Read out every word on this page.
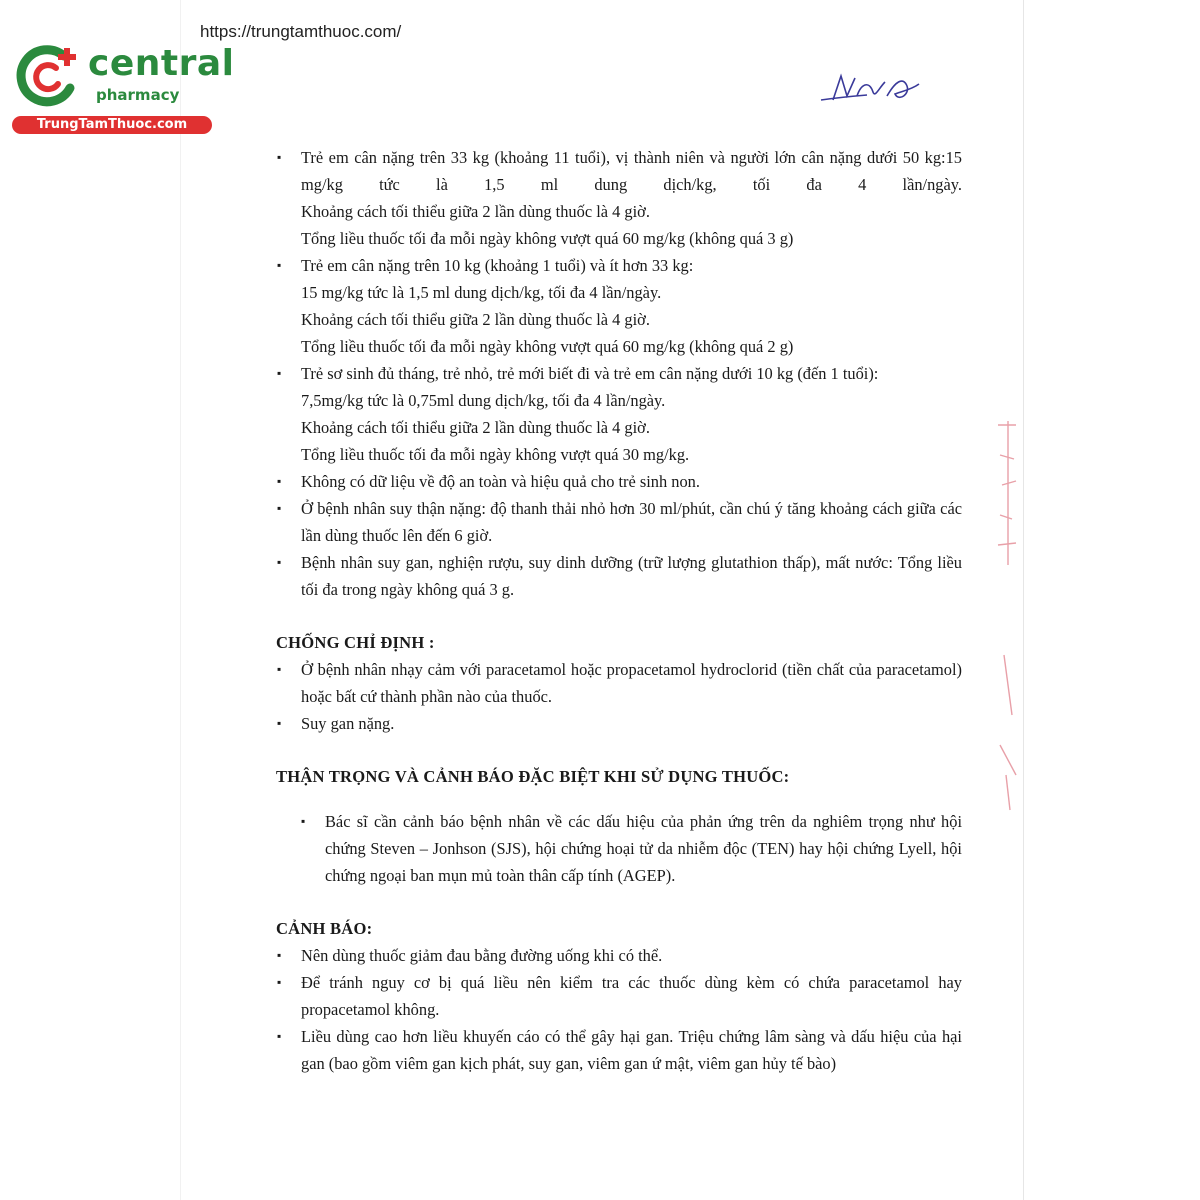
https://trungtamthuoc.com/
central
pharmacy
TrungTamThuoc.com
▪ Trẻ em cân nặng trên 33 kg (khoảng 11 tuổi), vị thành niên và người lớn cân nặng dưới 50 kg:15 mg/kg tức là 1,5 ml dung dịch/kg, tối đa 4 lần/ngày.
Khoảng cách tối thiểu giữa 2 lần dùng thuốc là 4 giờ.
Tổng liều thuốc tối đa mỗi ngày không vượt quá 60 mg/kg (không quá 3 g)
▪ Trẻ em cân nặng trên 10 kg (khoảng 1 tuổi) và ít hơn 33 kg:
15 mg/kg tức là 1,5 ml dung dịch/kg, tối đa 4 lần/ngày.
Khoảng cách tối thiểu giữa 2 lần dùng thuốc là 4 giờ.
Tổng liều thuốc tối đa mỗi ngày không vượt quá 60 mg/kg (không quá 2 g)
▪ Trẻ sơ sinh đủ tháng, trẻ nhỏ, trẻ mới biết đi và trẻ em cân nặng dưới 10 kg (đến 1 tuổi):
7,5mg/kg tức là 0,75ml dung dịch/kg, tối đa 4 lần/ngày.
Khoảng cách tối thiểu giữa 2 lần dùng thuốc là 4 giờ.
Tổng liều thuốc tối đa mỗi ngày không vượt quá 30 mg/kg.
▪ Không có dữ liệu về độ an toàn và hiệu quả cho trẻ sinh non.
▪ Ở bệnh nhân suy thận nặng: độ thanh thải nhỏ hơn 30 ml/phút, cần chú ý tăng khoảng cách giữa các lần dùng thuốc lên đến 6 giờ.
▪ Bệnh nhân suy gan, nghiện rượu, suy dinh dưỡng (trữ lượng glutathion thấp), mất nước: Tổng liều tối đa trong ngày không quá 3 g.

CHỐNG CHỈ ĐỊNH :

▪ Ở bệnh nhân nhạy cảm với paracetamol hoặc propacetamol hydroclorid (tiền chất của paracetamol) hoặc bất cứ thành phần nào của thuốc.
▪ Suy gan nặng.

THẬN TRỌNG VÀ CẢNH BÁO ĐẶC BIỆT KHI SỬ DỤNG THUỐC:

▪ Bác sĩ cần cảnh báo bệnh nhân về các dấu hiệu của phản ứng trên da nghiêm trọng như hội chứng Steven – Jonhson (SJS), hội chứng hoại tử da nhiễm độc (TEN) hay hội chứng Lyell, hội chứng ngoại ban mụn mủ toàn thân cấp tính (AGEP).

CẢNH BÁO:

▪ Nên dùng thuốc giảm đau bằng đường uống khi có thể.
▪ Để tránh nguy cơ bị quá liều nên kiểm tra các thuốc dùng kèm có chứa paracetamol hay propacetamol không.
▪ Liều dùng cao hơn liều khuyến cáo có thể gây hại gan. Triệu chứng lâm sàng và dấu hiệu của hại gan (bao gồm viêm gan kịch phát, suy gan, viêm gan ứ mật, viêm gan hủy tế bào)
